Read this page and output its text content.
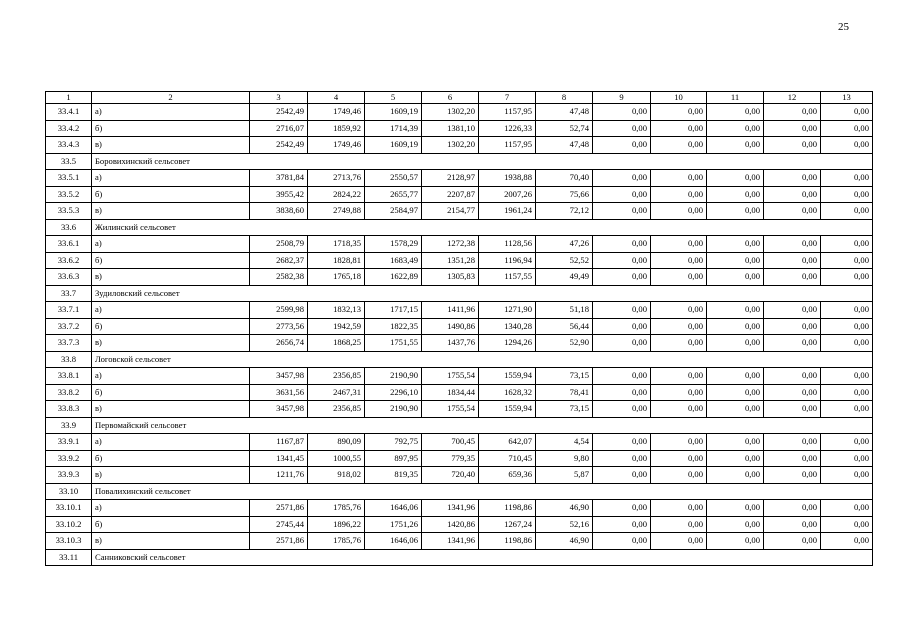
25
1	2	3	4	5	6	7	8	9	10	11	12	13
33.4.1	а)	2542,49	1749,46	1609,19	1302,20	1157,95	47,48	0,00	0,00	0,00	0,00	0,00
33.4.2	б)	2716,07	1859,92	1714,39	1381,10	1226,33	52,74	0,00	0,00	0,00	0,00	0,00
33.4.3	в)	2542,49	1749,46	1609,19	1302,20	1157,95	47,48	0,00	0,00	0,00	0,00	0,00
33.5	Боровихинский сельсовет											
33.5.1	а)	3781,84	2713,76	2550,57	2128,97	1938,88	70,40	0,00	0,00	0,00	0,00	0,00
33.5.2	б)	3955,42	2824,22	2655,77	2207,87	2007,26	75,66	0,00	0,00	0,00	0,00	0,00
33.5.3	в)	3838,60	2749,88	2584,97	2154,77	1961,24	72,12	0,00	0,00	0,00	0,00	0,00
33.6	Жилинский сельсовет											
33.6.1	а)	2508,79	1718,35	1578,29	1272,38	1128,56	47,26	0,00	0,00	0,00	0,00	0,00
33.6.2	б)	2682,37	1828,81	1683,49	1351,28	1196,94	52,52	0,00	0,00	0,00	0,00	0,00
33.6.3	в)	2582,38	1765,18	1622,89	1305,83	1157,55	49,49	0,00	0,00	0,00	0,00	0,00
33.7	Зудиловский сельсовет											
33.7.1	а)	2599,98	1832,13	1717,15	1411,96	1271,90	51,18	0,00	0,00	0,00	0,00	0,00
33.7.2	б)	2773,56	1942,59	1822,35	1490,86	1340,28	56,44	0,00	0,00	0,00	0,00	0,00
33.7.3	в)	2656,74	1868,25	1751,55	1437,76	1294,26	52,90	0,00	0,00	0,00	0,00	0,00
33.8	Логовской сельсовет											
33.8.1	а)	3457,98	2356,85	2190,90	1755,54	1559,94	73,15	0,00	0,00	0,00	0,00	0,00
33.8.2	б)	3631,56	2467,31	2296,10	1834,44	1628,32	78,41	0,00	0,00	0,00	0,00	0,00
33.8.3	в)	3457,98	2356,85	2190,90	1755,54	1559,94	73,15	0,00	0,00	0,00	0,00	0,00
33.9	Первомайский сельсовет											
33.9.1	а)	1167,87	890,09	792,75	700,45	642,07	4,54	0,00	0,00	0,00	0,00	0,00
33.9.2	б)	1341,45	1000,55	897,95	779,35	710,45	9,80	0,00	0,00	0,00	0,00	0,00
33.9.3	в)	1211,76	918,02	819,35	720,40	659,36	5,87	0,00	0,00	0,00	0,00	0,00
33.10	Повалихинский сельсовет											
33.10.1	а)	2571,86	1785,76	1646,06	1341,96	1198,86	46,90	0,00	0,00	0,00	0,00	0,00
33.10.2	б)	2745,44	1896,22	1751,26	1420,86	1267,24	52,16	0,00	0,00	0,00	0,00	0,00
33.10.3	в)	2571,86	1785,76	1646,06	1341,96	1198,86	46,90	0,00	0,00	0,00	0,00	0,00
33.11	Санниковский сельсовет											
